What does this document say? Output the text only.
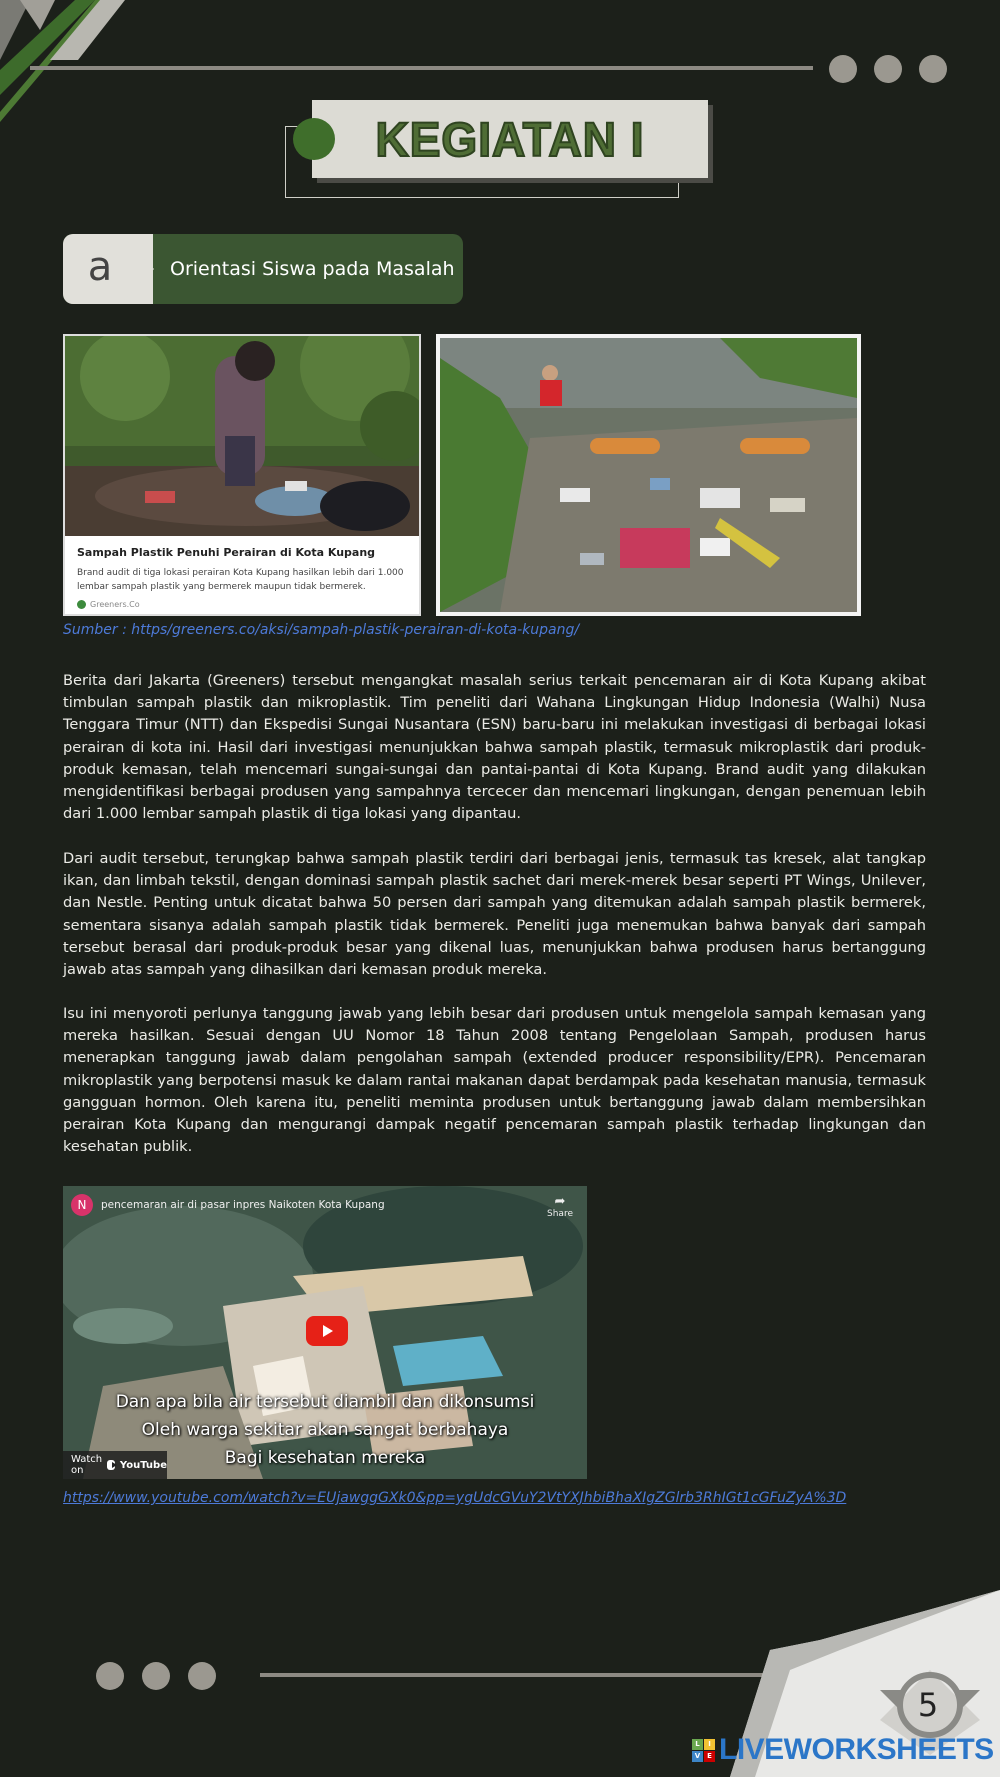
KEGIATAN I
a	Orientasi Siswa pada Masalah
Sampah Plastik Penuhi Perairan di Kota Kupang
Brand audit di tiga lokasi perairan Kota Kupang hasilkan lebih dari 1.000 lembar sampah plastik yang bermerek maupun tidak bermerek.
Greeners.Co
Sumber : https/greeners.co/aksi/sampah-plastik-perairan-di-kota-kupang/

Berita dari Jakarta (Greeners) tersebut mengangkat masalah serius terkait pencemaran air di Kota Kupang akibat timbulan sampah plastik dan mikroplastik. Tim peneliti dari Wahana Lingkungan Hidup Indonesia (Walhi) Nusa Tenggara Timur (NTT) dan Ekspedisi Sungai Nusantara (ESN) baru-baru ini melakukan investigasi di berbagai lokasi perairan di kota ini. Hasil dari investigasi menunjukkan bahwa sampah plastik, termasuk mikroplastik dari produk-produk kemasan, telah mencemari sungai-sungai dan pantai-pantai di Kota Kupang. Brand audit yang dilakukan mengidentifikasi berbagai produsen yang sampahnya tercecer dan mencemari lingkungan, dengan penemuan lebih dari 1.000 lembar sampah plastik di tiga lokasi yang dipantau.

Dari audit tersebut, terungkap bahwa sampah plastik terdiri dari berbagai jenis, termasuk tas kresek, alat tangkap ikan, dan limbah tekstil, dengan dominasi sampah plastik sachet dari merek-merek besar seperti PT Wings, Unilever, dan Nestle. Penting untuk dicatat bahwa 50 persen dari sampah yang ditemukan adalah sampah plastik bermerek, sementara sisanya adalah sampah plastik tidak bermerek. Peneliti juga menemukan bahwa banyak dari sampah tersebut berasal dari produk-produk besar yang dikenal luas, menunjukkan bahwa produsen harus bertanggung jawab atas sampah yang dihasilkan dari kemasan produk mereka.

Isu ini menyoroti perlunya tanggung jawab yang lebih besar dari produsen untuk mengelola sampah kemasan yang mereka hasilkan. Sesuai dengan UU Nomor 18 Tahun 2008 tentang Pengelolaan Sampah, produsen harus menerapkan tanggung jawab dalam pengolahan sampah (extended producer responsibility/EPR). Pencemaran mikroplastik yang berpotensi masuk ke dalam rantai makanan dapat berdampak pada kesehatan manusia, termasuk gangguan hormon. Oleh karena itu, peneliti meminta produsen untuk bertanggung jawab dalam membersihkan perairan Kota Kupang dan mengurangi dampak negatif pencemaran sampah plastik terhadap lingkungan dan kesehatan publik.

N	pencemaran air di pasar inpres Naikoten Kota Kupang	➦
Share
Dan apa bila air tersebut diambil dan dikonsumsi
Oleh warga sekitar akan sangat berbahaya
Bagi kesehatan mereka
Watch on	YouTube
https://www.youtube.com/watch?v=EUjawggGXk0&pp=ygUdcGVuY2VtYXJhbiBhaXIgZGlrb3RhIGt1cGFuZyA%3D
5
L	I
V E LIVEWORKSHEETS
